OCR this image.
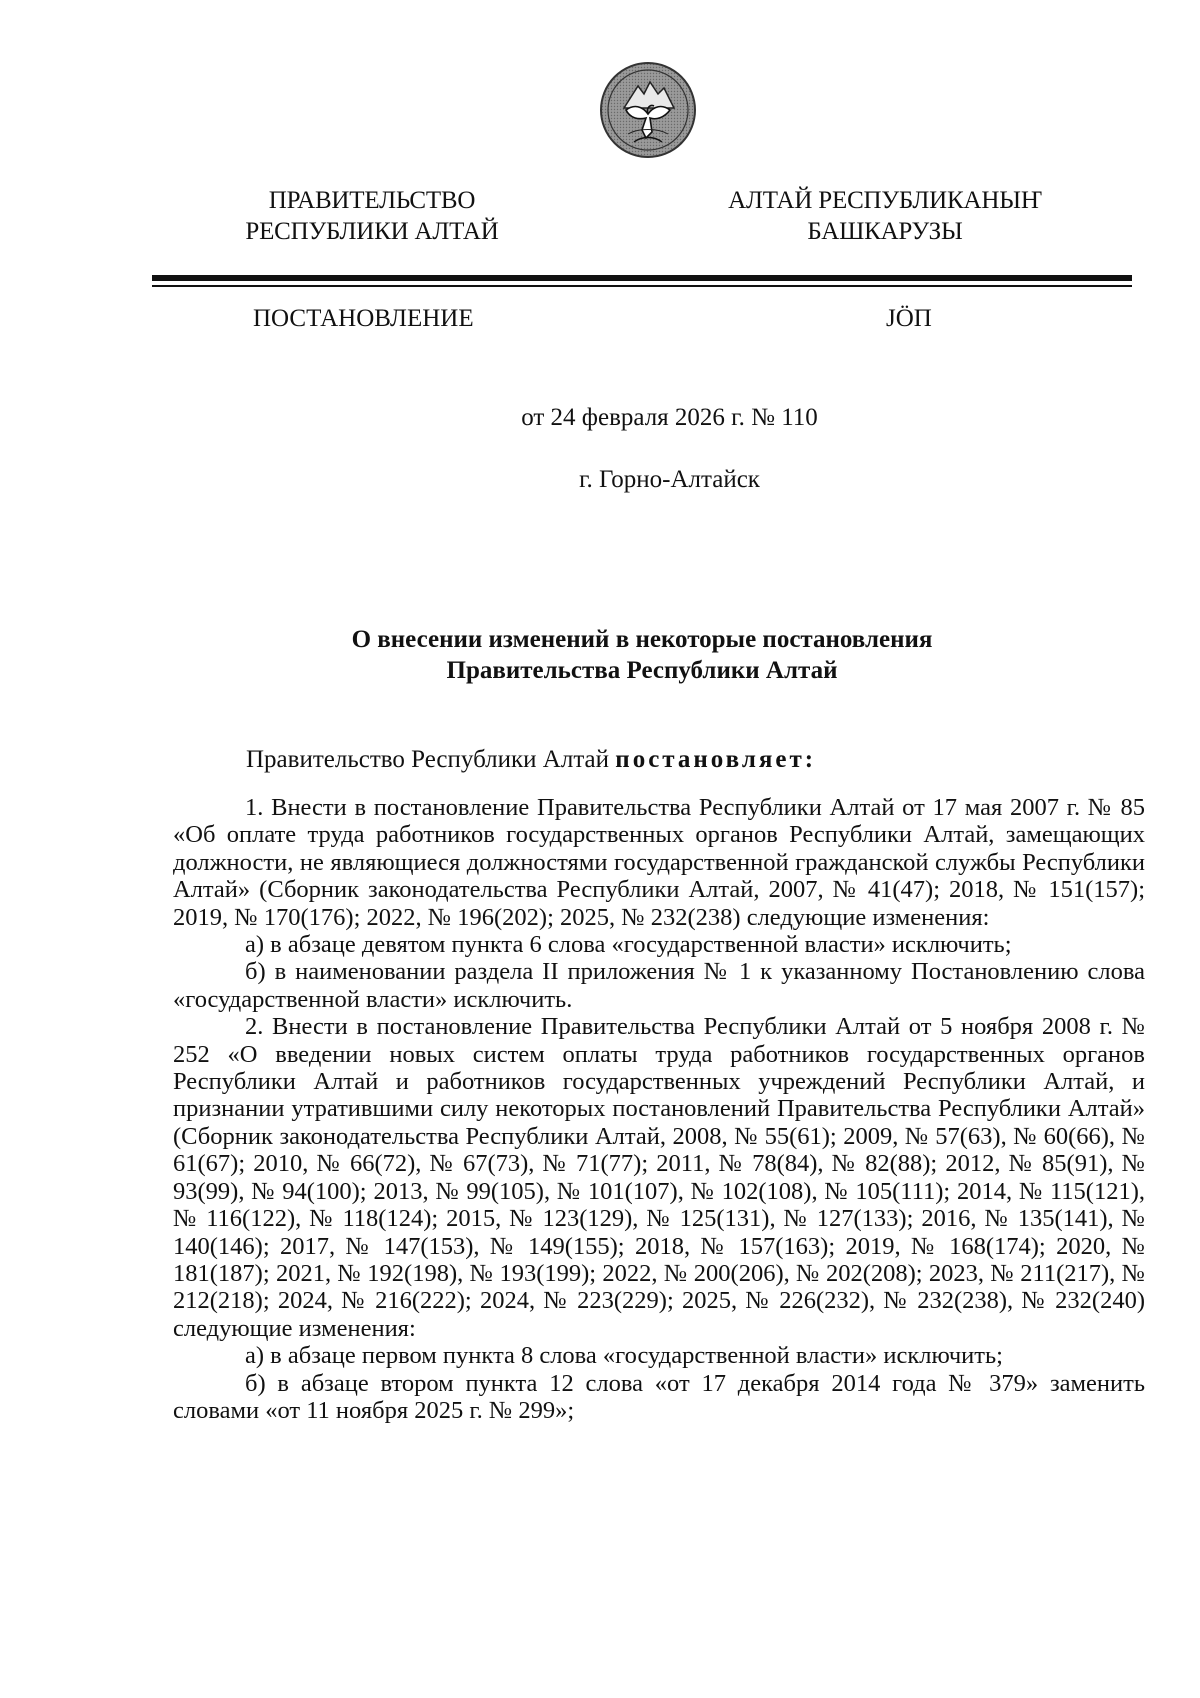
ПРАВИТЕЛЬСТВО
РЕСПУБЛИКИ АЛТАЙ
АЛТАЙ РЕСПУБЛИКАНЫҤ
БАШКАРУЗЫ
ПОСТАНОВЛЕНИЕ	ЈӦП
от 24 февраля 2026 г. № 110
г. Горно-Алтайск
О внесении изменений в некоторые постановления
Правительства Республики Алтай
Правительство Республики Алтай постановляет:

1. Внести в постановление Правительства Республики Алтай от 17 мая 2007 г. № 85 «Об оплате труда работников государственных органов Республики Алтай, замещающих должности, не являющиеся должностями государственной гражданской службы Республики Алтай» (Сборник законодательства Республики Алтай, 2007, № 41(47); 2018, № 151(157); 2019, № 170(176); 2022, № 196(202); 2025, № 232(238) следующие изменения:

а) в абзаце девятом пункта 6 слова «государственной власти» исключить;

б) в наименовании раздела II приложения № 1 к указанному Постановлению слова «государственной власти» исключить.

2. Внести в постановление Правительства Республики Алтай от 5 ноября 2008 г. № 252 «О введении новых систем оплаты труда работников государственных органов Республики Алтай и работников государственных учреждений Республики Алтай, и признании утратившими силу некоторых постановлений Правительства Республики Алтай» (Сборник законодательства Республики Алтай, 2008, № 55(61); 2009, № 57(63), № 60(66), № 61(67); 2010, № 66(72), № 67(73), № 71(77); 2011, № 78(84), № 82(88); 2012, № 85(91), № 93(99), № 94(100); 2013, № 99(105), № 101(107), № 102(108), № 105(111); 2014, № 115(121), № 116(122), № 118(124); 2015, № 123(129), № 125(131), № 127(133); 2016, № 135(141), № 140(146); 2017, № 147(153), № 149(155); 2018, № 157(163); 2019, № 168(174); 2020, № 181(187); 2021, № 192(198), № 193(199); 2022, № 200(206), № 202(208); 2023, № 211(217), № 212(218); 2024, № 216(222); 2024, № 223(229); 2025, № 226(232), № 232(238), № 232(240) следующие изменения:

а) в абзаце первом пункта 8 слова «государственной власти» исключить;

б) в абзаце втором пункта 12 слова «от 17 декабря 2014 года № 379» заменить словами «от 11 ноября 2025 г. № 299»;
